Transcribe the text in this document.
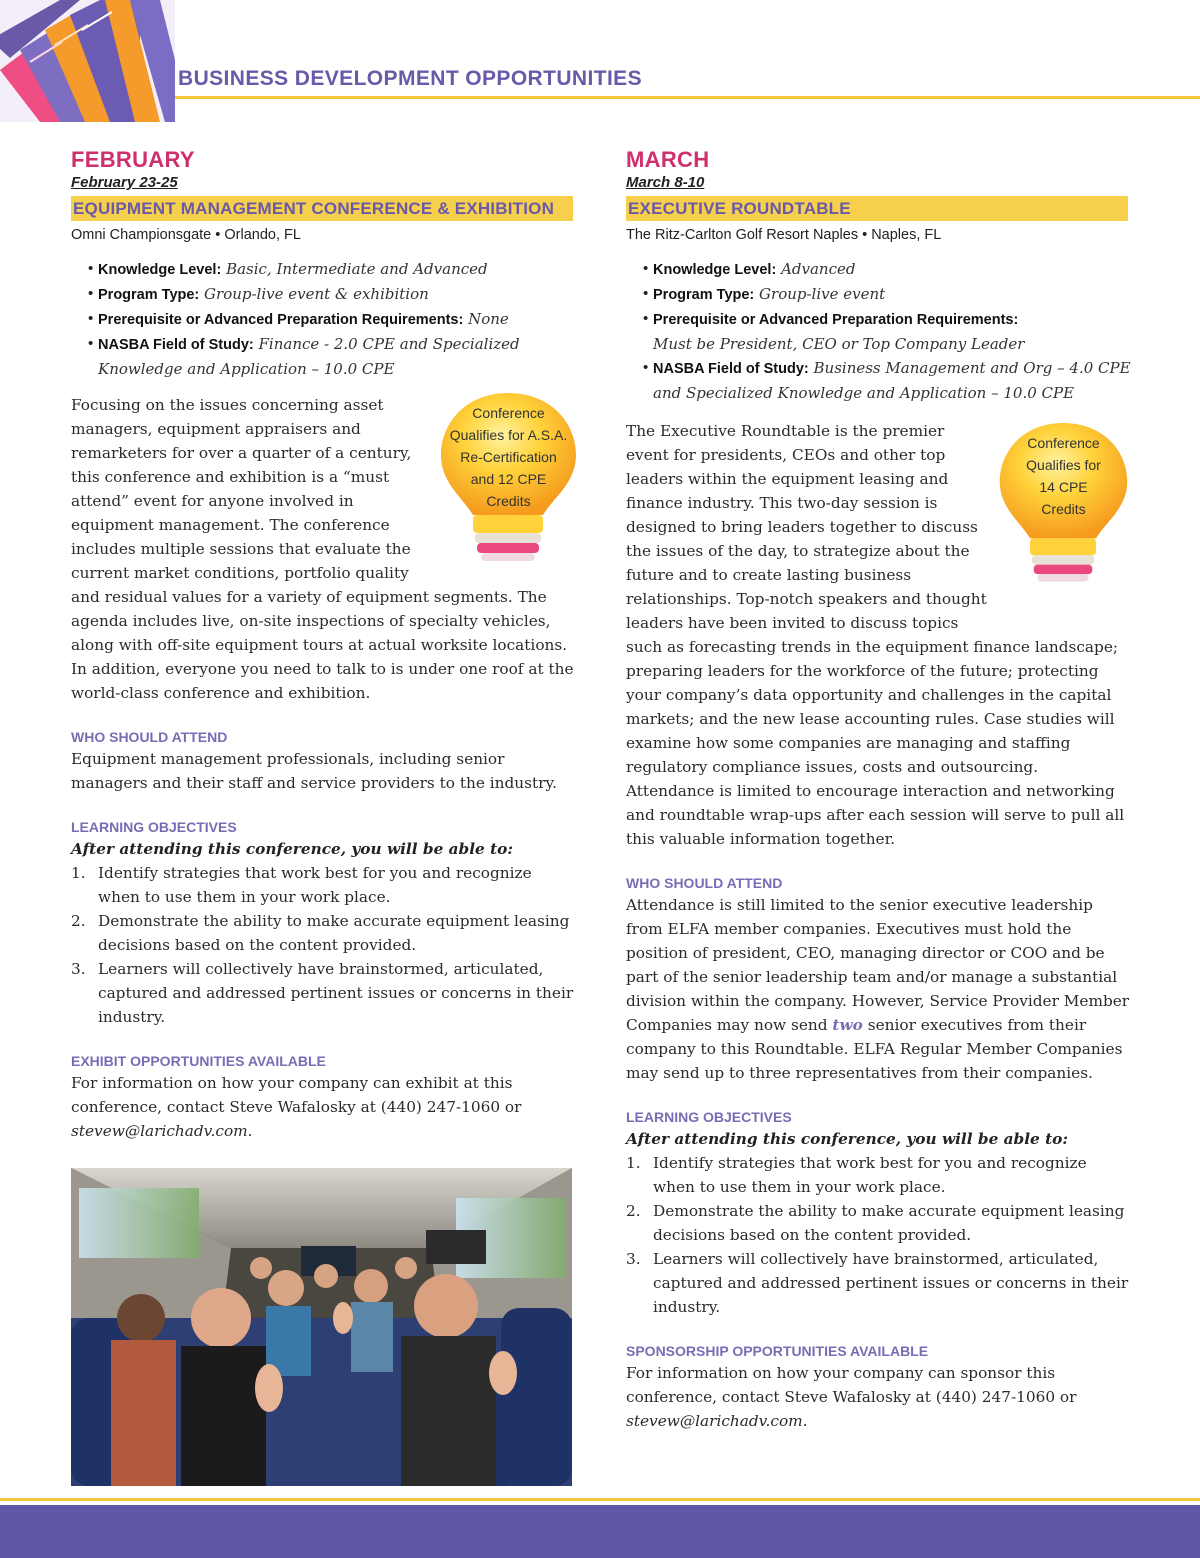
BUSINESS DEVELOPMENT OPPORTUNITIES

FEBRUARY

February 23-25

EQUIPMENT MANAGEMENT CONFERENCE & EXHIBITION
Omni Championsgate • Orlando, FL
• Knowledge Level: Basic, Intermediate and Advanced
• Program Type: Group-live event & exhibition
• Prerequisite or Advanced Preparation Requirements: None
• NASBA Field of Study: Finance - 2.0 CPE and Specialized Knowledge and Application – 10.0 CPE
Conference
Qualifies for A.S.A.
Re-Certification
and 12 CPE
Credits

Focusing on the issues concerning asset managers, equipment appraisers and remarketers for over a quarter of a century, this conference and exhibition is a “must attend” event for anyone involved in equipment management. The conference includes multiple sessions that evaluate the current market conditions, portfolio quality and residual values for a variety of equipment segments. The agenda includes live, on-site inspections of specialty vehicles, along with off-site equipment tours at actual worksite locations. In addition, everyone you need to talk to is under one roof at the world-class conference and exhibition.

WHO SHOULD ATTEND

Equipment management professionals, including senior managers and their staff and service providers to the industry.

LEARNING OBJECTIVES

After attending this conference, you will be able to:

1. Identify strategies that work best for you and recognize when to use them in your work place.
2. Demonstrate the ability to make accurate equipment leasing decisions based on the content provided.
3. Learners will collectively have brainstormed, articulated, captured and addressed pertinent issues or concerns in their industry.

EXHIBIT OPPORTUNITIES AVAILABLE

For information on how your company can exhibit at this conference, contact Steve Wafalosky at (440) 247-1060 or stevew@larichadv.com.

MARCH

March 8-10

EXECUTIVE ROUNDTABLE
The Ritz-Carlton Golf Resort Naples • Naples, FL
• Knowledge Level: Advanced
• Program Type: Group-live event
• Prerequisite or Advanced Preparation Requirements:
Must be President, CEO or Top Company Leader
• NASBA Field of Study: Business Management and Org – 4.0 CPE and Specialized Knowledge and Application – 10.0 CPE
Conference
Qualifies for
14 CPE
Credits

The Executive Roundtable is the premier event for presidents, CEOs and other top leaders within the equipment leasing and finance industry. This two-day session is designed to bring leaders together to discuss the issues of the day, to strategize about the future and to create lasting business relationships. Top-notch speakers and thought leaders have been invited to discuss topics such as forecasting trends in the equipment finance landscape; preparing leaders for the workforce of the future; protecting your company’s data opportunity and challenges in the capital markets; and the new lease accounting rules. Case studies will examine how some companies are managing and staffing regulatory compliance issues, costs and outsourcing. Attendance is limited to encourage interaction and networking and roundtable wrap-ups after each session will serve to pull all this valuable information together.

WHO SHOULD ATTEND

Attendance is still limited to the senior executive leadership from ELFA member companies. Executives must hold the position of president, CEO, managing director or COO and be part of the senior leadership team and/or manage a substantial division within the company. However, Service Provider Member Companies may now send two senior executives from their company to this Roundtable. ELFA Regular Member Companies may send up to three representatives from their companies.

LEARNING OBJECTIVES

After attending this conference, you will be able to:

1. Identify strategies that work best for you and recognize when to use them in your work place.
2. Demonstrate the ability to make accurate equipment leasing decisions based on the content provided.
3. Learners will collectively have brainstormed, articulated, captured and addressed pertinent issues or concerns in their industry.

SPONSORSHIP OPPORTUNITIES AVAILABLE

For information on how your company can sponsor this conference, contact Steve Wafalosky at (440) 247-1060 or stevew@larichadv.com.
